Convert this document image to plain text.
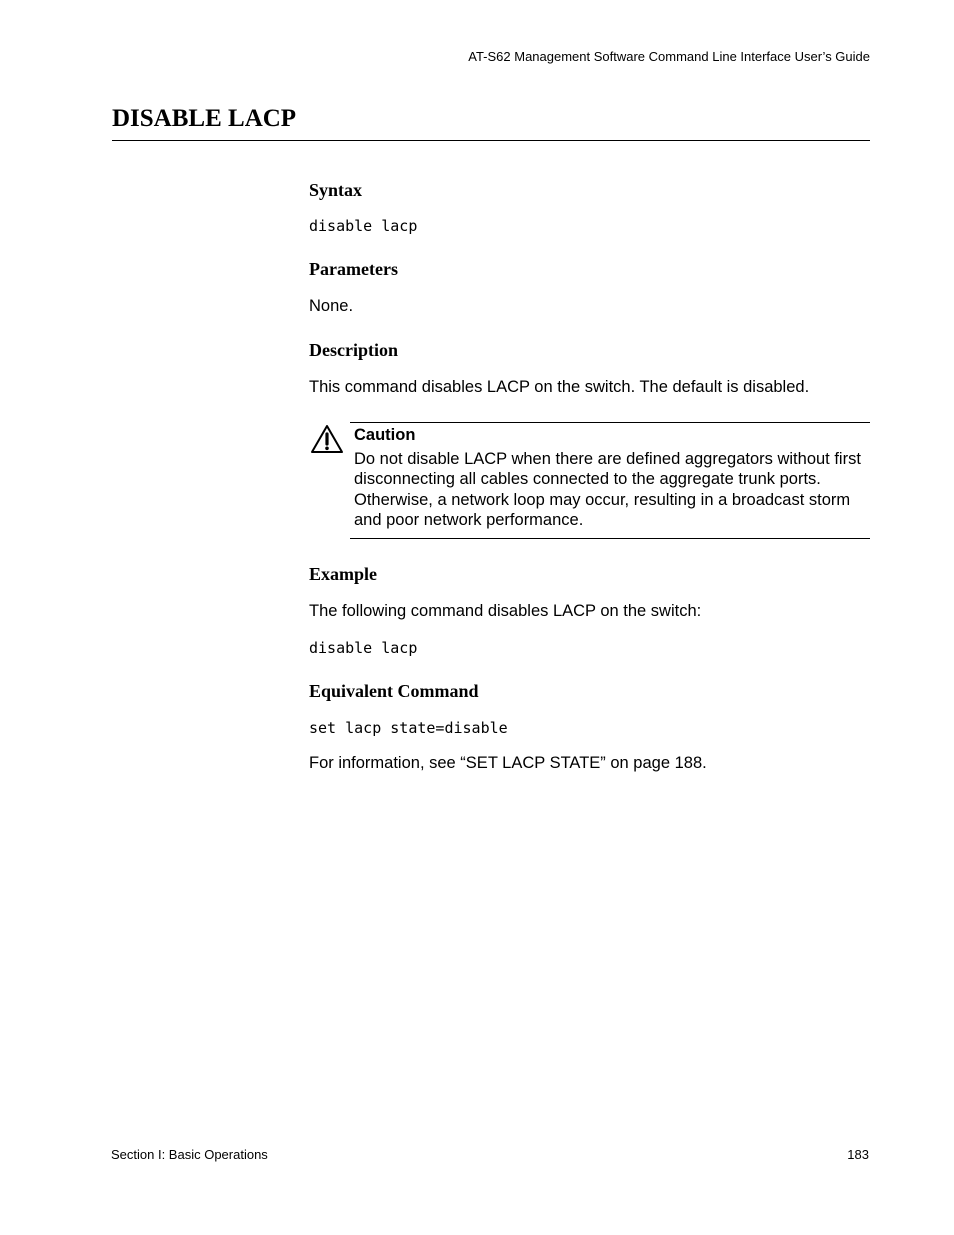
AT-S62 Management Software Command Line Interface User’s Guide
DISABLE LACP
Syntax
disable lacp
Parameters
None.
Description
This command disables LACP on the switch. The default is disabled.
Caution
Do not disable LACP when there are defined aggregators without first disconnecting all cables connected to the aggregate trunk ports. Otherwise, a network loop may occur, resulting in a broadcast storm and poor network performance.
Example
The following command disables LACP on the switch:
disable lacp
Equivalent Command
set lacp state=disable
For information, see “SET LACP STATE” on page 188.
Section I: Basic Operations	183
